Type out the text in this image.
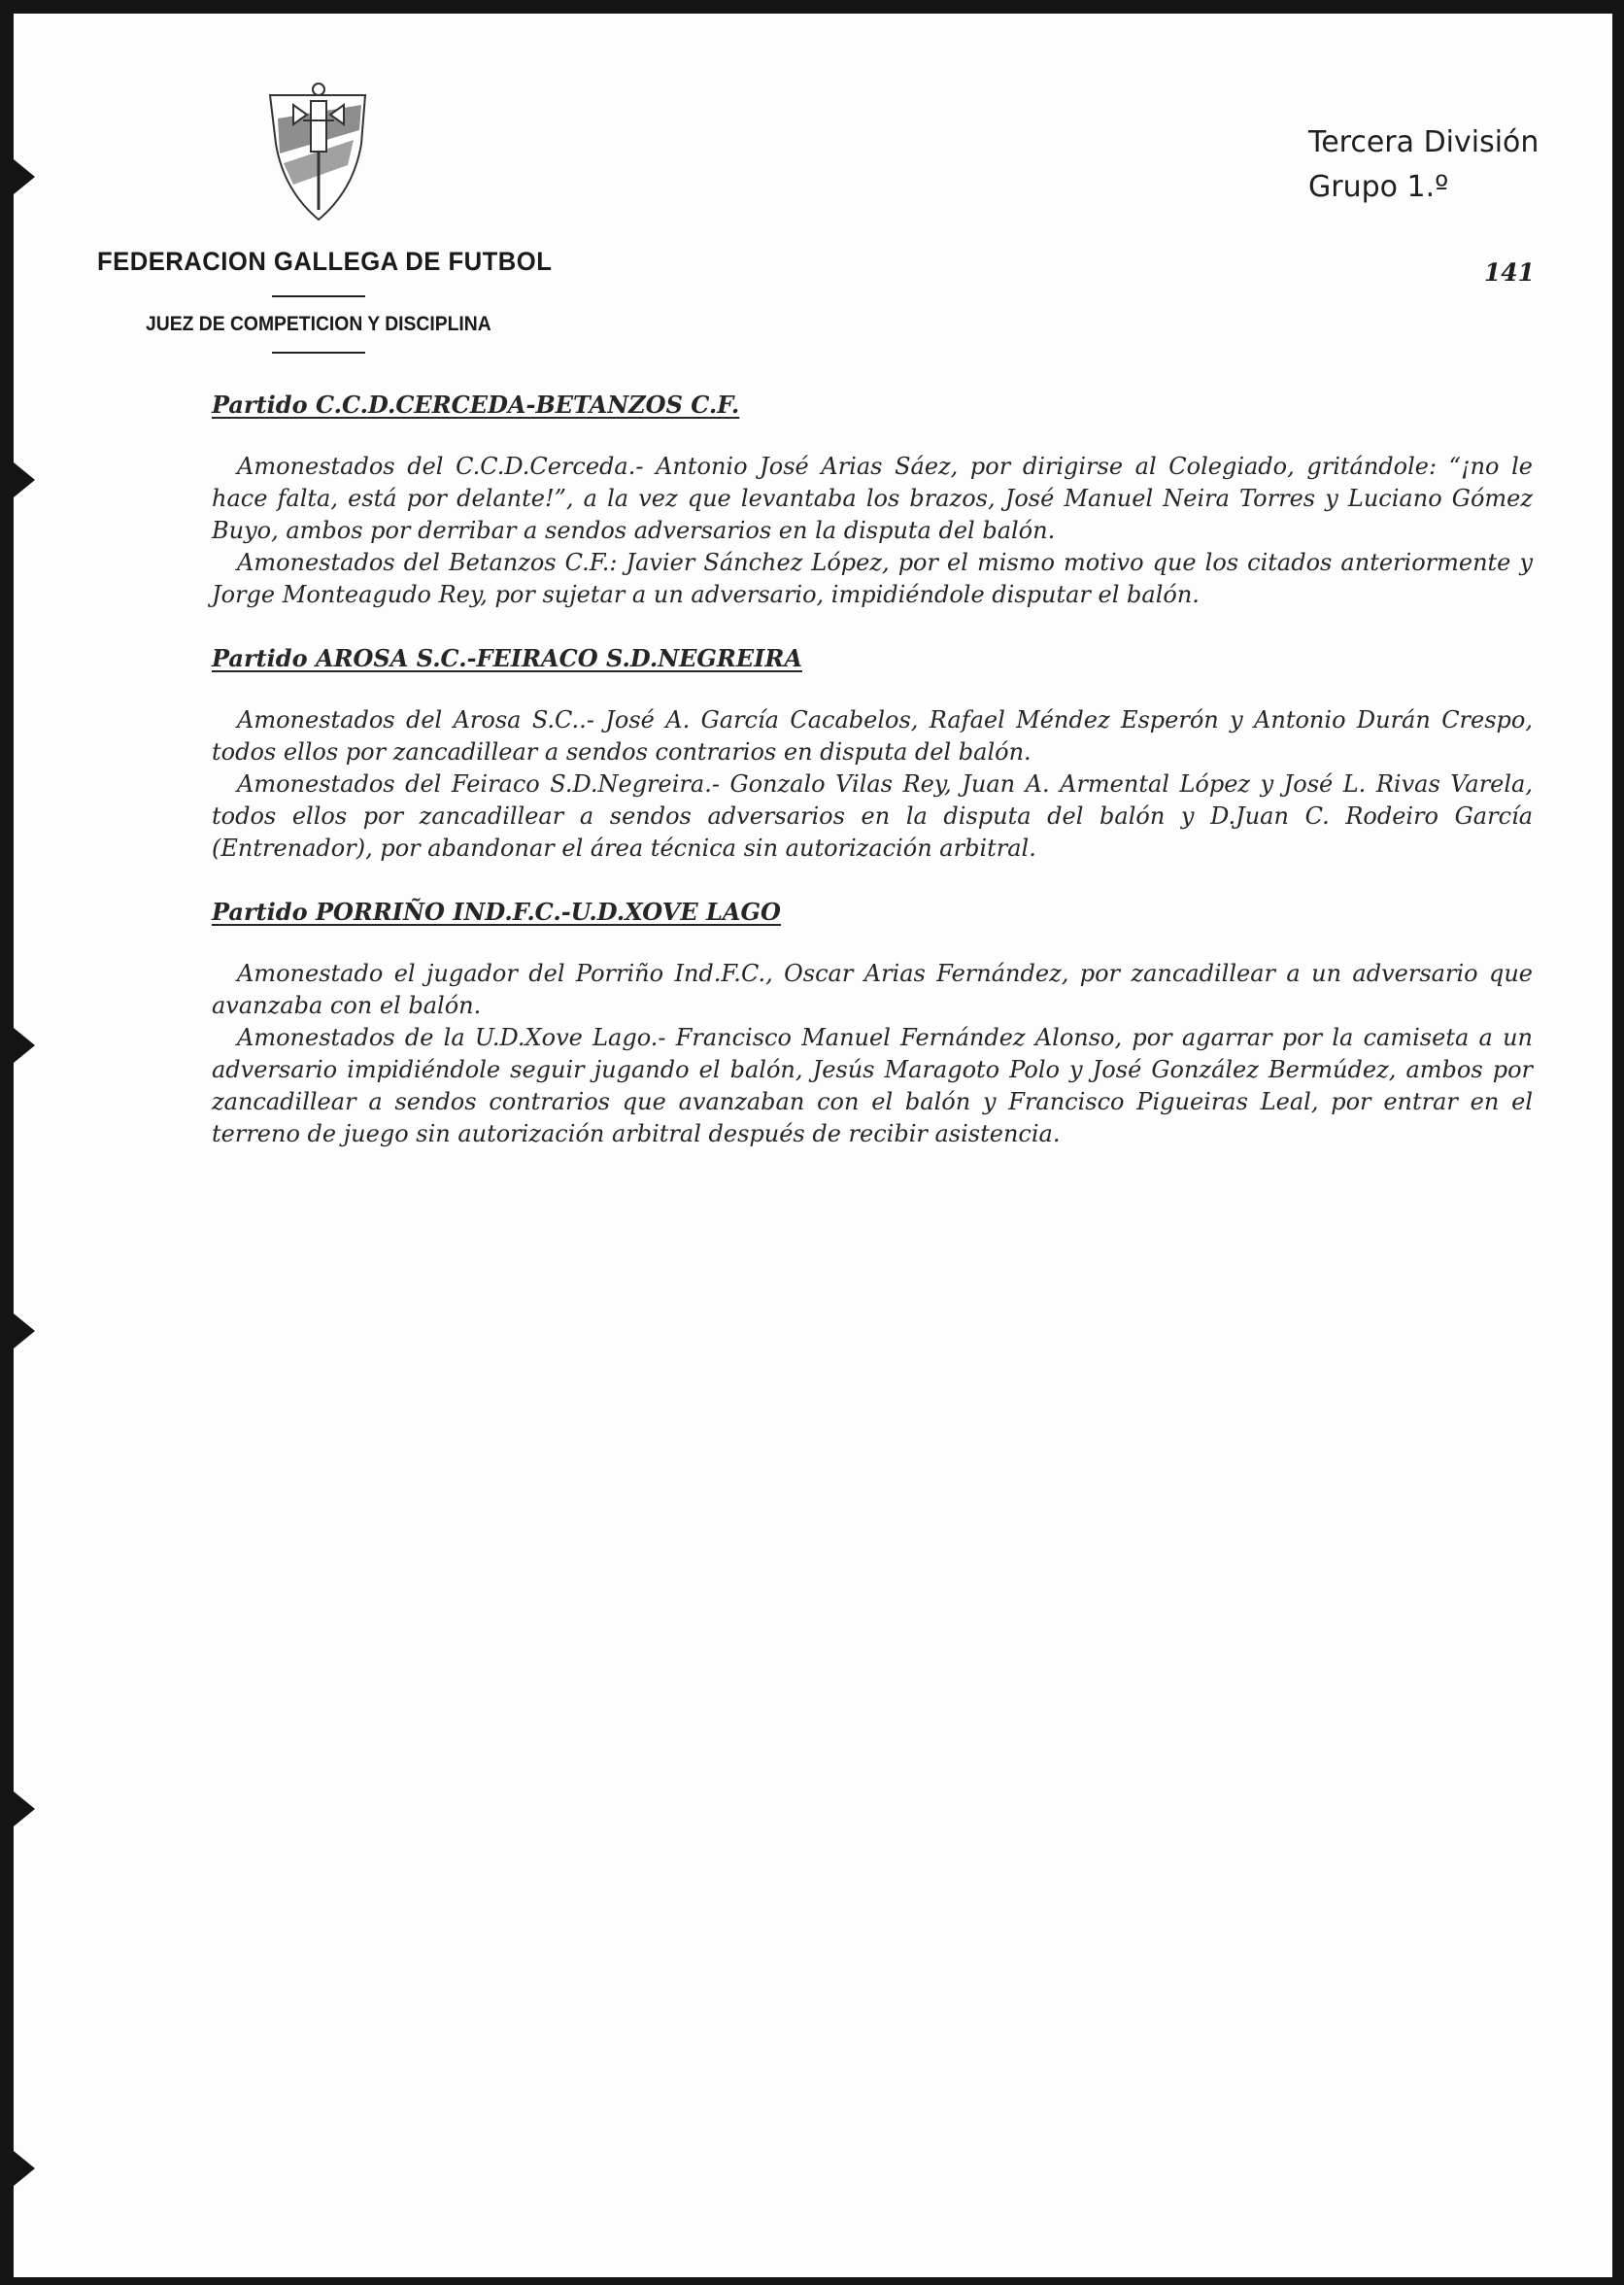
FEDERACION GALLEGA DE FUTBOL
JUEZ DE COMPETICION Y DISCIPLINA
Tercera División
Grupo 1.º
141

Partido C.C.D.CERCEDA-BETANZOS C.F.

Amonestados del C.C.D.Cerceda.- Antonio José Arias Sáez, por dirigirse al Colegiado, gritándole: “¡no le hace falta, está por delante!”, a la vez que levantaba los brazos, José Manuel Neira Torres y Luciano Gómez Buyo, ambos por derribar a sendos adversarios en la disputa del balón.

Amonestados del Betanzos C.F.: Javier Sánchez López, por el mismo motivo que los citados anteriormente y Jorge Monteagudo Rey, por sujetar a un adversario, impidiéndole disputar el balón.

Partido AROSA S.C.-FEIRACO S.D.NEGREIRA

Amonestados del Arosa S.C..- José A. García Cacabelos, Rafael Méndez Esperón y Antonio Durán Crespo, todos ellos por zancadillear a sendos contrarios en disputa del balón.

Amonestados del Feiraco S.D.Negreira.- Gonzalo Vilas Rey, Juan A. Armental López y José L. Rivas Varela, todos ellos por zancadillear a sendos adversarios en la disputa del balón y D.Juan C. Rodeiro García (Entrenador), por abandonar el área técnica sin autorización arbitral.

Partido PORRIÑO IND.F.C.-U.D.XOVE LAGO

Amonestado el jugador del Porriño Ind.F.C., Oscar Arias Fernández, por zancadillear a un adversario que avanzaba con el balón.

Amonestados de la U.D.Xove Lago.- Francisco Manuel Fernández Alonso, por agarrar por la camiseta a un adversario impidiéndole seguir jugando el balón, Jesús Maragoto Polo y José González Bermúdez, ambos por zancadillear a sendos contrarios que avanzaban con el balón y Francisco Pigueiras Leal, por entrar en el terreno de juego sin autorización arbitral después de recibir asistencia.
